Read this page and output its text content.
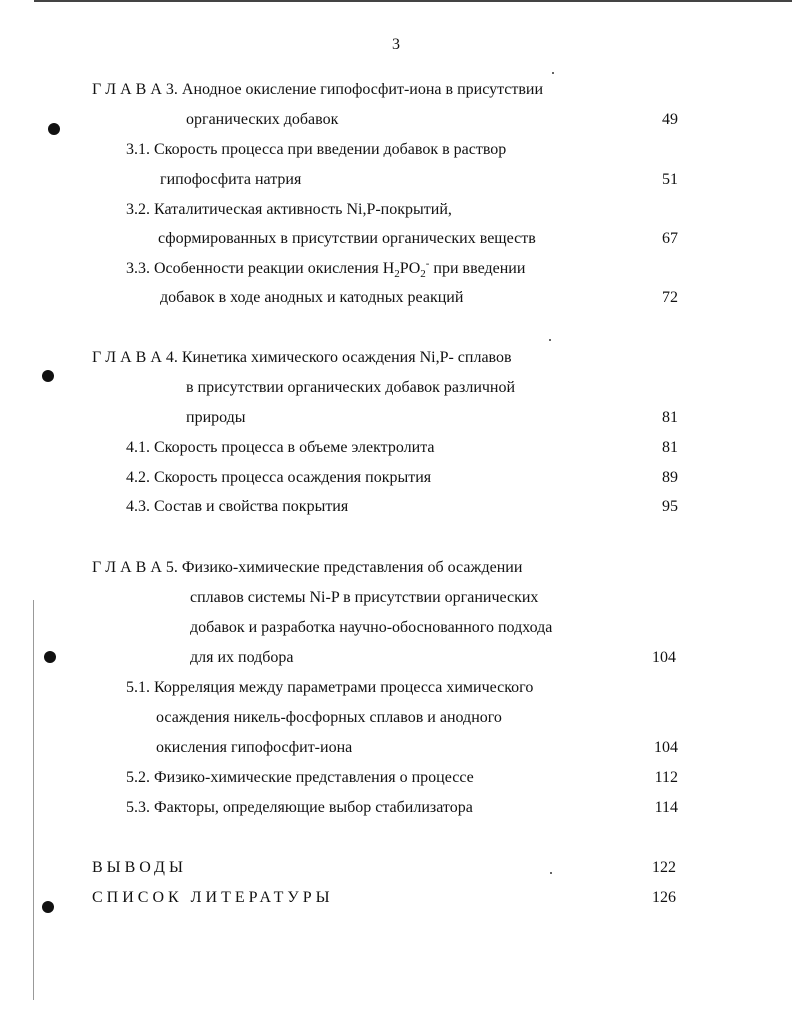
3
Г Л А В А 3. Анодное окисление гипофосфит-иона в присутствии
органических добавок	49
3.1. Скорость процесса при введении добавок в раствор
гипофосфита натрия	51
3.2. Каталитическая активность Ni,P-покрытий,
сформированных в присутствии органических веществ	67
3.3. Особенности реакции окисления $H_2PO_2^-$ при введении
добавок в ходе анодных и катодных реакций	72
Г Л А В А 4. Кинетика химического осаждения Ni,P- сплавов
в присутствии органических добавок различной
природы	81
4.1. Скорость процесса в объеме электролита	81
4.2. Скорость процесса осаждения покрытия	89
4.3. Состав и свойства покрытия	95
Г Л А В А 5. Физико-химические представления об осаждении
сплавов системы Ni-P в присутствии органических
добавок и разработка научно-обоснованного подхода
для их подбора	104
5.1. Корреляция между параметрами процесса химического
осаждения никель-фосфорных сплавов и анодного
окисления гипофосфит-иона	104
5.2. Физико-химические представления о процессе	112
5.3. Факторы, определяющие выбор стабилизатора	114
ВЫВОДЫ	122
СПИСОК ЛИТЕРАТУРЫ	126
